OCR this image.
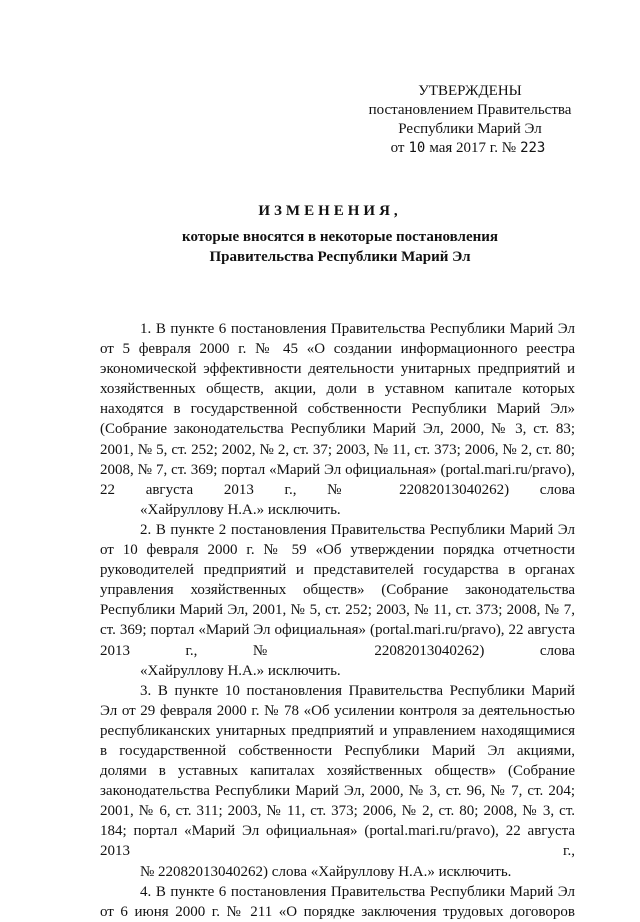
УТВЕРЖДЕНЫ
постановлением Правительства
Республики Марий Эл
от 10 мая 2017 г. № 223
ИЗМЕНЕНИЯ,
которые вносятся в некоторые постановления
Правительства Республики Марий Эл

1. В пункте 6 постановления Правительства Республики Марий Эл от 5 февраля 2000 г. № 45 «О создании информационного реестра экономической эффективности деятельности унитарных предприятий и хозяйственных обществ, акции, доли в уставном капитале которых находятся в государственной собственности Республики Марий Эл» (Собрание законодательства Республики Марий Эл, 2000, № 3, ст. 83; 2001, № 5, ст. 252; 2002, № 2, ст. 37; 2003, № 11, ст. 373; 2006, № 2, ст. 80; 2008, № 7, ст. 369; портал «Марий Эл официальная» (portal.mari.ru/pravo), 22 августа 2013 г., № 22082013040262) слова
«Хайруллову Н.А.» исключить.

2. В пункте 2 постановления Правительства Республики Марий Эл от 10 февраля 2000 г. № 59 «Об утверждении порядка отчетности руководителей предприятий и представителей государства в органах управления хозяйственных обществ» (Собрание законодательства Республики Марий Эл, 2001, № 5, ст. 252; 2003, № 11, ст. 373; 2008, № 7, ст. 369; портал «Марий Эл официальная» (portal.mari.ru/pravo), 22 августа 2013 г., № 22082013040262) слова
«Хайруллову Н.А.» исключить.

3. В пункте 10 постановления Правительства Республики Марий Эл от 29 февраля 2000 г. № 78 «Об усилении контроля за деятельностью республиканских унитарных предприятий и управлением находящимися в государственной собственности Республики Марий Эл акциями, долями в уставных капиталах хозяйственных обществ» (Собрание законодательства Республики Марий Эл, 2000, № 3, ст. 96, № 7, ст. 204; 2001, № 6, ст. 311; 2003, № 11, ст. 373; 2006, № 2, ст. 80; 2008, № 3, ст. 184; портал «Марий Эл официальная» (portal.mari.ru/pravo), 22 августа 2013 г.,
№ 22082013040262) слова «Хайруллову Н.А.» исключить.

4. В пункте 6 постановления Правительства Республики Марий Эл от 6 июня 2000 г. № 211 «О порядке заключения трудовых договоров
